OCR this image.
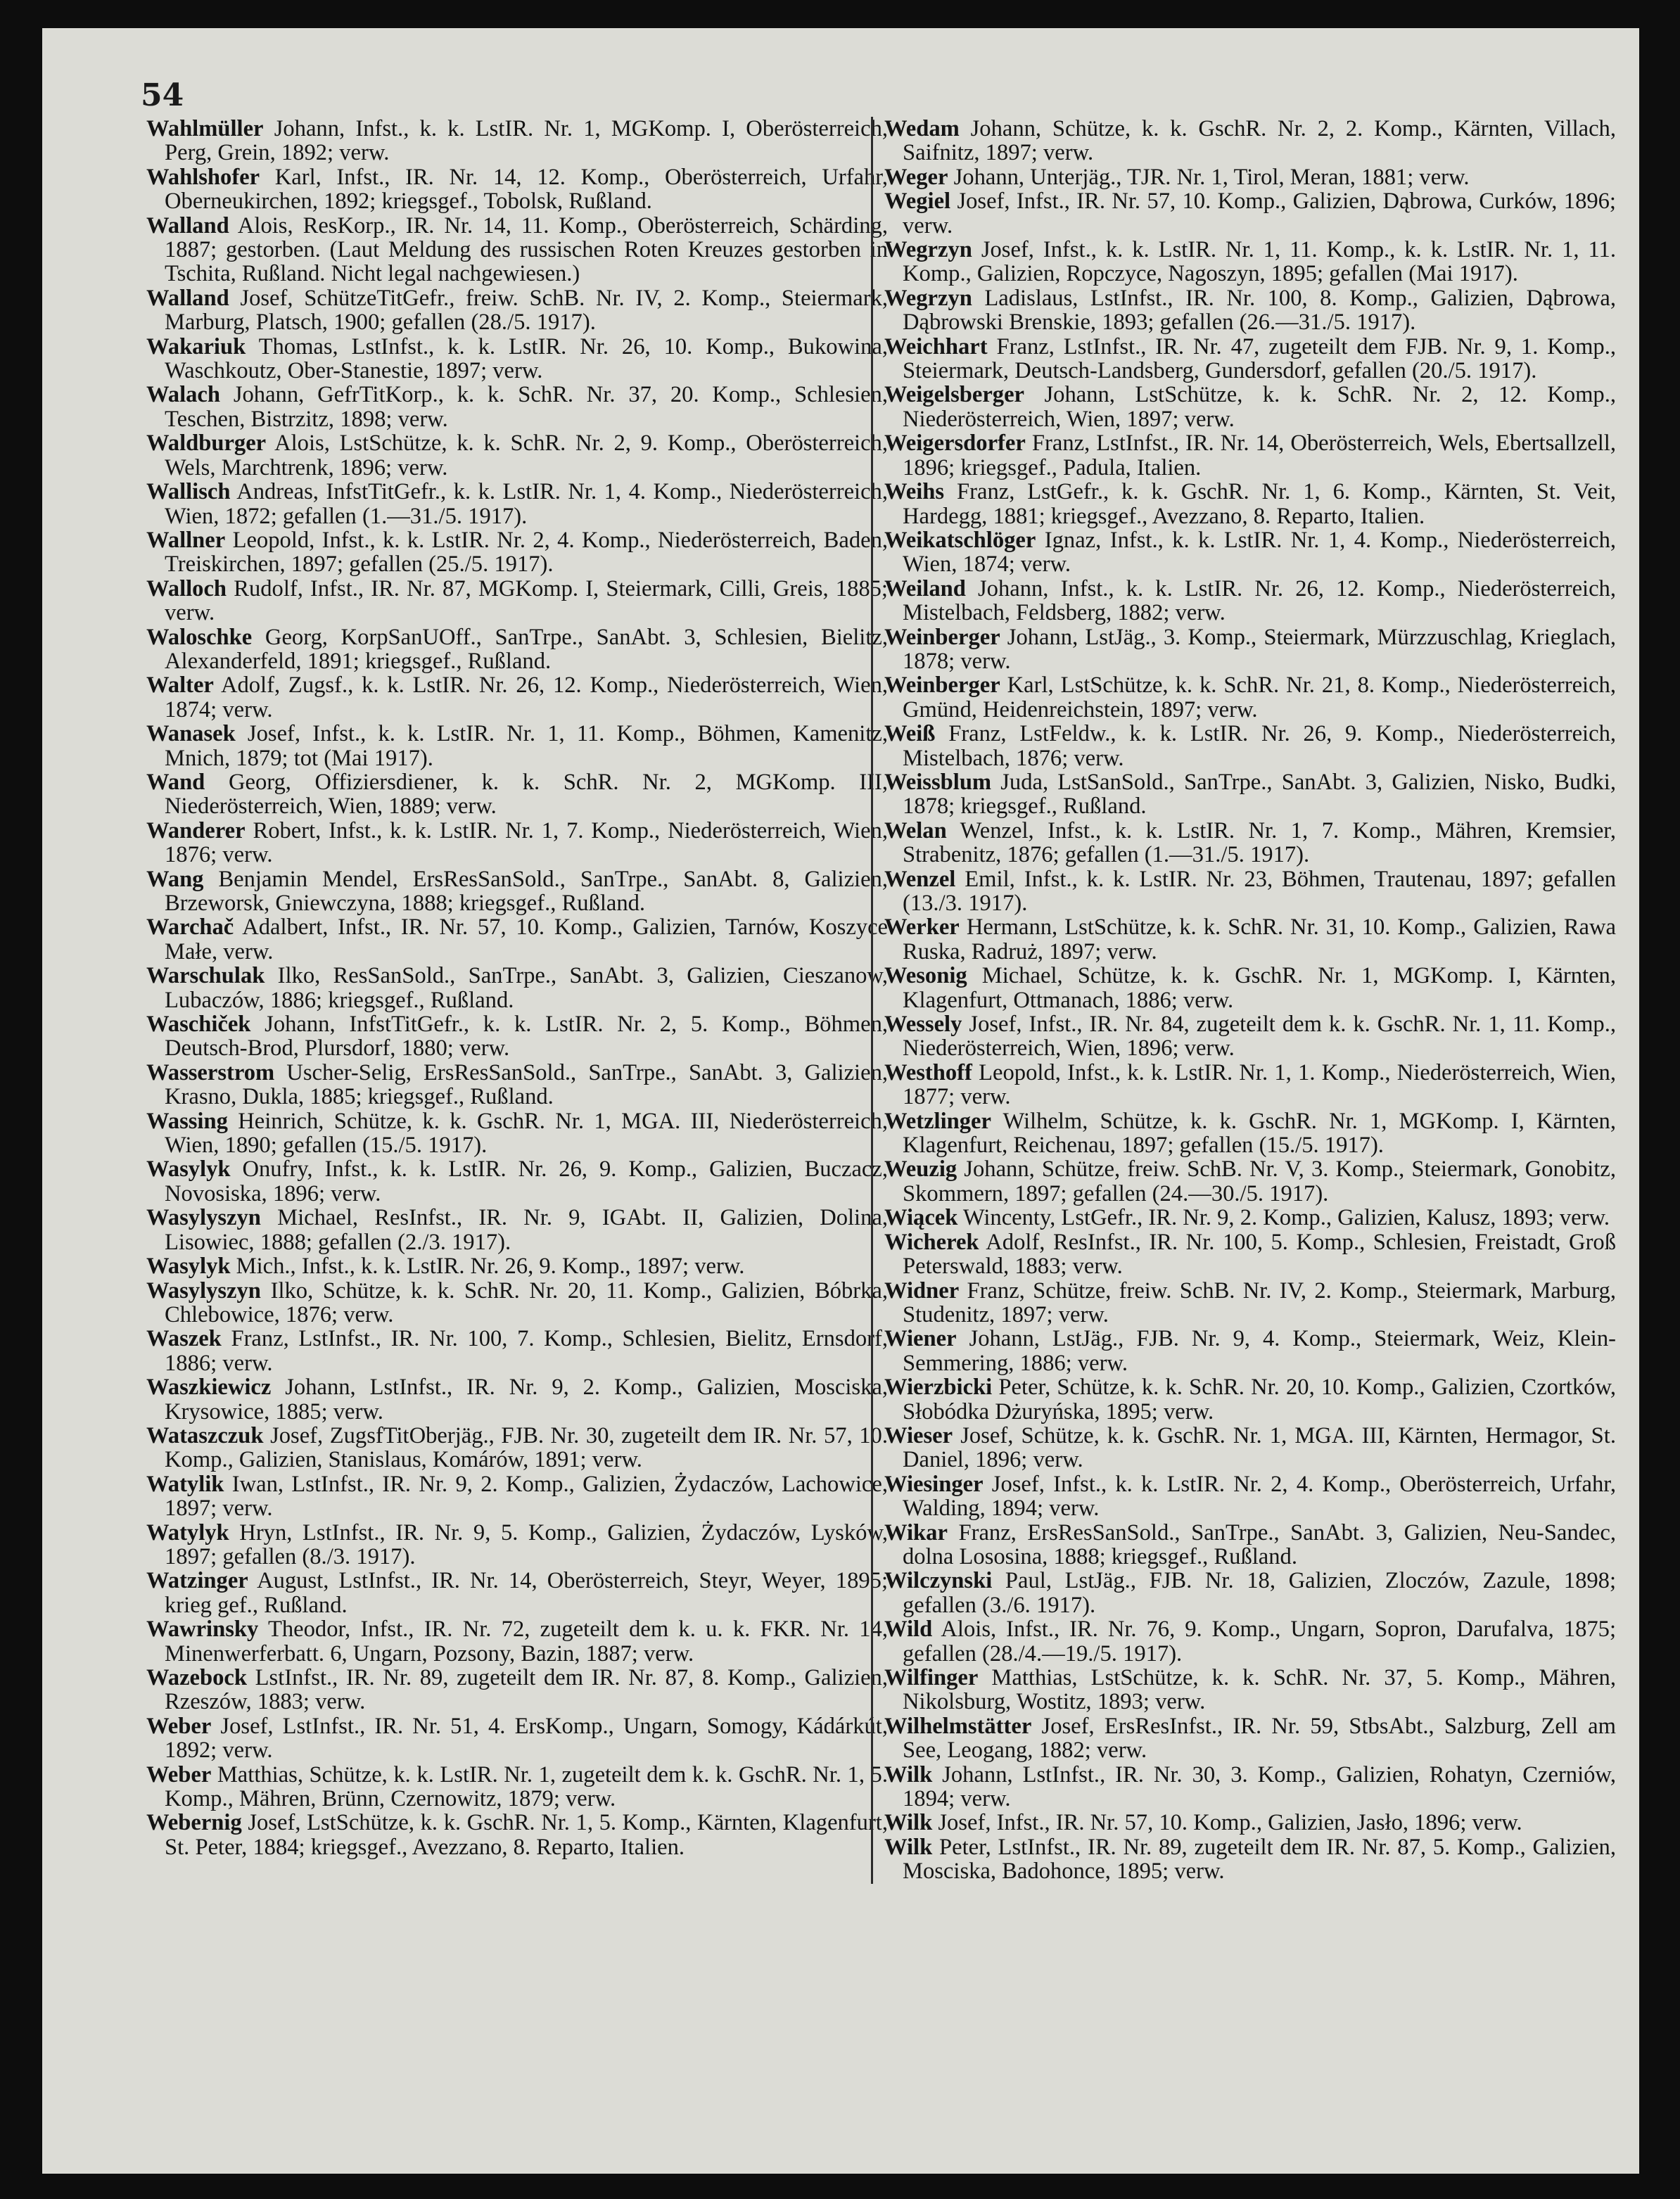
54

Wahlmüller Johann, Infst., k. k. LstIR. Nr. 1, MGKomp. I, Oberösterreich, Perg, Grein, 1892; verw.

Wahlshofer Karl, Infst., IR. Nr. 14, 12. Komp., Oberösterreich, Urfahr, Oberneukirchen, 1892; kriegsgef., Tobolsk, Rußland.

Walland Alois, ResKorp., IR. Nr. 14, 11. Komp., Oberösterreich, Schärding, 1887; gestorben. (Laut Meldung des russischen Roten Kreuzes gestorben in Tschita, Rußland. Nicht legal nachgewiesen.)

Walland Josef, SchützeTitGefr., freiw. SchB. Nr. IV, 2. Komp., Steiermark, Marburg, Platsch, 1900; gefallen (28./5. 1917).

Wakariuk Thomas, LstInfst., k. k. LstIR. Nr. 26, 10. Komp., Bukowina, Waschkoutz, Ober-Stanestie, 1897; verw.

Walach Johann, GefrTitKorp., k. k. SchR. Nr. 37, 20. Komp., Schlesien, Teschen, Bistrzitz, 1898; verw.

Waldburger Alois, LstSchütze, k. k. SchR. Nr. 2, 9. Komp., Oberösterreich, Wels, Marchtrenk, 1896; verw.

Wallisch Andreas, InfstTitGefr., k. k. LstIR. Nr. 1, 4. Komp., Niederösterreich, Wien, 1872; gefallen (1.—31./5. 1917).

Wallner Leopold, Infst., k. k. LstIR. Nr. 2, 4. Komp., Niederösterreich, Baden, Treiskirchen, 1897; gefallen (25./5. 1917).

Walloch Rudolf, Infst., IR. Nr. 87, MGKomp. I, Steiermark, Cilli, Greis, 1885; verw.

Waloschke Georg, KorpSanUOff., SanTrpe., SanAbt. 3, Schlesien, Bielitz, Alexanderfeld, 1891; kriegsgef., Rußland.

Walter Adolf, Zugsf., k. k. LstIR. Nr. 26, 12. Komp., Niederösterreich, Wien, 1874; verw.

Wanasek Josef, Infst., k. k. LstIR. Nr. 1, 11. Komp., Böhmen, Kamenitz, Mnich, 1879; tot (Mai 1917).

Wand Georg, Offiziersdiener, k. k. SchR. Nr. 2, MGKomp. III, Niederösterreich, Wien, 1889; verw.

Wanderer Robert, Infst., k. k. LstIR. Nr. 1, 7. Komp., Niederösterreich, Wien, 1876; verw.

Wang Benjamin Mendel, ErsResSanSold., SanTrpe., SanAbt. 8, Galizien, Brzeworsk, Gniewczyna, 1888; kriegsgef., Rußland.

Warchač Adalbert, Infst., IR. Nr. 57, 10. Komp., Galizien, Tarnów, Koszyce Małe, verw.

Warschulak Ilko, ResSanSold., SanTrpe., SanAbt. 3, Galizien, Cieszanow, Lubaczów, 1886; kriegsgef., Rußland.

Waschiček Johann, InfstTitGefr., k. k. LstIR. Nr. 2, 5. Komp., Böhmen, Deutsch-Brod, Plursdorf, 1880; verw.

Wasserstrom Uscher-Selig, ErsResSanSold., SanTrpe., SanAbt. 3, Galizien, Krasno, Dukla, 1885; kriegsgef., Rußland.

Wassing Heinrich, Schütze, k. k. GschR. Nr. 1, MGA. III, Niederösterreich, Wien, 1890; gefallen (15./5. 1917).

Wasylyk Onufry, Infst., k. k. LstIR. Nr. 26, 9. Komp., Galizien, Buczacz, Novosiska, 1896; verw.

Wasylyszyn Michael, ResInfst., IR. Nr. 9, IGAbt. II, Galizien, Dolina, Lisowiec, 1888; gefallen (2./3. 1917).

Wasylyk Mich., Infst., k. k. LstIR. Nr. 26, 9. Komp., 1897; verw.

Wasylyszyn Ilko, Schütze, k. k. SchR. Nr. 20, 11. Komp., Galizien, Bóbrka, Chlebowice, 1876; verw.

Waszek Franz, LstInfst., IR. Nr. 100, 7. Komp., Schlesien, Bielitz, Ernsdorf, 1886; verw.

Waszkiewicz Johann, LstInfst., IR. Nr. 9, 2. Komp., Galizien, Mosciska, Krysowice, 1885; verw.

Wataszczuk Josef, ZugsfTitOberjäg., FJB. Nr. 30, zugeteilt dem IR. Nr. 57, 10. Komp., Galizien, Stanislaus, Komárów, 1891; verw.

Watylik Iwan, LstInfst., IR. Nr. 9, 2. Komp., Galizien, Żydaczów, Lachowice, 1897; verw.

Watylyk Hryn, LstInfst., IR. Nr. 9, 5. Komp., Galizien, Żydaczów, Lysków, 1897; gefallen (8./3. 1917).

Watzinger August, LstInfst., IR. Nr. 14, Oberösterreich, Steyr, Weyer, 1895; krieg gef., Rußland.

Wawrinsky Theodor, Infst., IR. Nr. 72, zugeteilt dem k. u. k. FKR. Nr. 14, Minenwerferbatt. 6, Ungarn, Pozsony, Bazin, 1887; verw.

Wazebock LstInfst., IR. Nr. 89, zugeteilt dem IR. Nr. 87, 8. Komp., Galizien, Rzeszów, 1883; verw.

Weber Josef, LstInfst., IR. Nr. 51, 4. ErsKomp., Ungarn, Somogy, Kádárkút, 1892; verw.

Weber Matthias, Schütze, k. k. LstIR. Nr. 1, zugeteilt dem k. k. GschR. Nr. 1, 5. Komp., Mähren, Brünn, Czernowitz, 1879; verw.

Webernig Josef, LstSchütze, k. k. GschR. Nr. 1, 5. Komp., Kärnten, Klagenfurt, St. Peter, 1884; kriegsgef., Avezzano, 8. Reparto, Italien.

Wedam Johann, Schütze, k. k. GschR. Nr. 2, 2. Komp., Kärnten, Villach, Saifnitz, 1897; verw.

Weger Johann, Unterjäg., TJR. Nr. 1, Tirol, Meran, 1881; verw.

Wegiel Josef, Infst., IR. Nr. 57, 10. Komp., Galizien, Dąbrowa, Curków, 1896; verw.

Wegrzyn Josef, Infst., k. k. LstIR. Nr. 1, 11. Komp., k. k. LstIR. Nr. 1, 11. Komp., Galizien, Ropczyce, Nagoszyn, 1895; gefallen (Mai 1917).

Wegrzyn Ladislaus, LstInfst., IR. Nr. 100, 8. Komp., Galizien, Dąbrowa, Dąbrowski Brenskie, 1893; gefallen (26.—31./5. 1917).

Weichhart Franz, LstInfst., IR. Nr. 47, zugeteilt dem FJB. Nr. 9, 1. Komp., Steiermark, Deutsch-Landsberg, Gundersdorf, gefallen (20./5. 1917).

Weigelsberger Johann, LstSchütze, k. k. SchR. Nr. 2, 12. Komp., Niederösterreich, Wien, 1897; verw.

Weigersdorfer Franz, LstInfst., IR. Nr. 14, Oberösterreich, Wels, Ebertsallzell, 1896; kriegsgef., Padula, Italien.

Weihs Franz, LstGefr., k. k. GschR. Nr. 1, 6. Komp., Kärnten, St. Veit, Hardegg, 1881; kriegsgef., Avezzano, 8. Reparto, Italien.

Weikatschlöger Ignaz, Infst., k. k. LstIR. Nr. 1, 4. Komp., Niederösterreich, Wien, 1874; verw.

Weiland Johann, Infst., k. k. LstIR. Nr. 26, 12. Komp., Niederösterreich, Mistelbach, Feldsberg, 1882; verw.

Weinberger Johann, LstJäg., 3. Komp., Steiermark, Mürzzuschlag, Krieglach, 1878; verw.

Weinberger Karl, LstSchütze, k. k. SchR. Nr. 21, 8. Komp., Niederösterreich, Gmünd, Heidenreichstein, 1897; verw.

Weiß Franz, LstFeldw., k. k. LstIR. Nr. 26, 9. Komp., Niederösterreich, Mistelbach, 1876; verw.

Weissblum Juda, LstSanSold., SanTrpe., SanAbt. 3, Galizien, Nisko, Budki, 1878; kriegsgef., Rußland.

Welan Wenzel, Infst., k. k. LstIR. Nr. 1, 7. Komp., Mähren, Kremsier, Strabenitz, 1876; gefallen (1.—31./5. 1917).

Wenzel Emil, Infst., k. k. LstIR. Nr. 23, Böhmen, Trautenau, 1897; gefallen (13./3. 1917).

Werker Hermann, LstSchütze, k. k. SchR. Nr. 31, 10. Komp., Galizien, Rawa Ruska, Radruż, 1897; verw.

Wesonig Michael, Schütze, k. k. GschR. Nr. 1, MGKomp. I, Kärnten, Klagenfurt, Ottmanach, 1886; verw.

Wessely Josef, Infst., IR. Nr. 84, zugeteilt dem k. k. GschR. Nr. 1, 11. Komp., Niederösterreich, Wien, 1896; verw.

Westhoff Leopold, Infst., k. k. LstIR. Nr. 1, 1. Komp., Niederösterreich, Wien, 1877; verw.

Wetzlinger Wilhelm, Schütze, k. k. GschR. Nr. 1, MGKomp. I, Kärnten, Klagenfurt, Reichenau, 1897; gefallen (15./5. 1917).

Weuzig Johann, Schütze, freiw. SchB. Nr. V, 3. Komp., Steiermark, Gonobitz, Skommern, 1897; gefallen (24.—30./5. 1917).

Wiącek Wincenty, LstGefr., IR. Nr. 9, 2. Komp., Galizien, Kalusz, 1893; verw.

Wicherek Adolf, ResInfst., IR. Nr. 100, 5. Komp., Schlesien, Freistadt, Groß Peterswald, 1883; verw.

Widner Franz, Schütze, freiw. SchB. Nr. IV, 2. Komp., Steiermark, Marburg, Studenitz, 1897; verw.

Wiener Johann, LstJäg., FJB. Nr. 9, 4. Komp., Steiermark, Weiz, Klein-Semmering, 1886; verw.

Wierzbicki Peter, Schütze, k. k. SchR. Nr. 20, 10. Komp., Galizien, Czortków, Słobódka Dżuryńska, 1895; verw.

Wieser Josef, Schütze, k. k. GschR. Nr. 1, MGA. III, Kärnten, Hermagor, St. Daniel, 1896; verw.

Wiesinger Josef, Infst., k. k. LstIR. Nr. 2, 4. Komp., Oberösterreich, Urfahr, Walding, 1894; verw.

Wikar Franz, ErsResSanSold., SanTrpe., SanAbt. 3, Galizien, Neu-Sandec, dolna Lososina, 1888; kriegsgef., Rußland.

Wilczynski Paul, LstJäg., FJB. Nr. 18, Galizien, Zloczów, Zazule, 1898; gefallen (3./6. 1917).

Wild Alois, Infst., IR. Nr. 76, 9. Komp., Ungarn, Sopron, Darufalva, 1875; gefallen (28./4.—19./5. 1917).

Wilfinger Matthias, LstSchütze, k. k. SchR. Nr. 37, 5. Komp., Mähren, Nikolsburg, Wostitz, 1893; verw.

Wilhelmstätter Josef, ErsResInfst., IR. Nr. 59, StbsAbt., Salzburg, Zell am See, Leogang, 1882; verw.

Wilk Johann, LstInfst., IR. Nr. 30, 3. Komp., Galizien, Rohatyn, Czerniów, 1894; verw.

Wilk Josef, Infst., IR. Nr. 57, 10. Komp., Galizien, Jasło, 1896; verw.

Wilk Peter, LstInfst., IR. Nr. 89, zugeteilt dem IR. Nr. 87, 5. Komp., Galizien, Mosciska, Badohonce, 1895; verw.
